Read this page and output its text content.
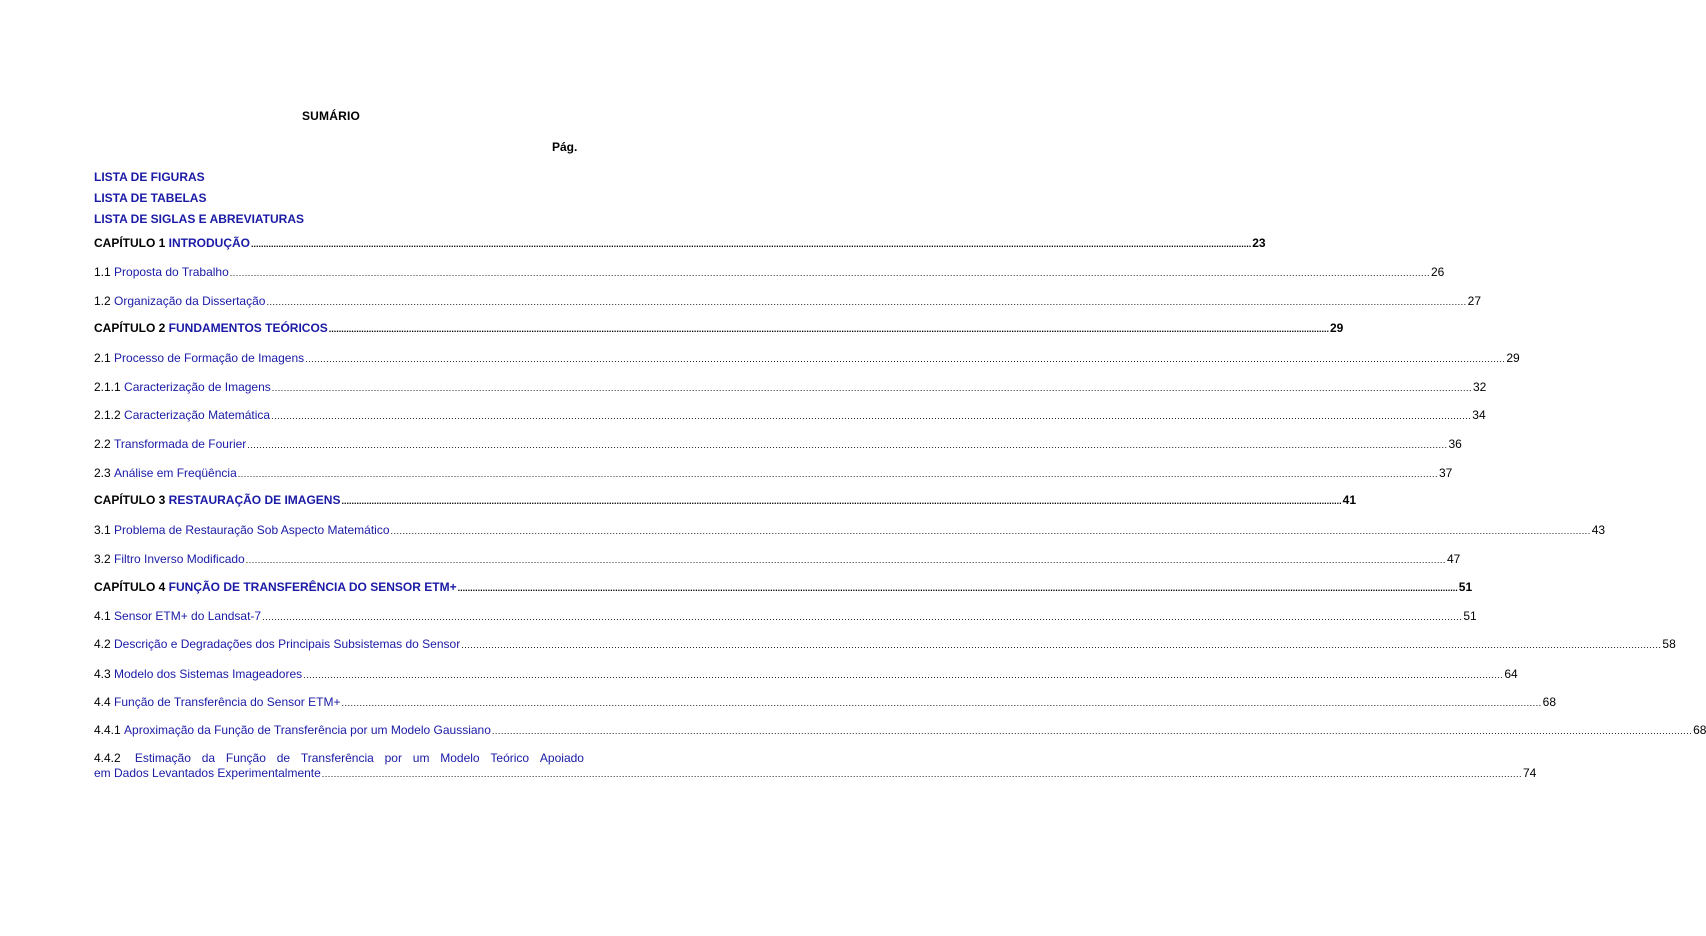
SUMÁRIO
Pág.
LISTA DE FIGURAS
LISTA DE TABELAS
LISTA DE SIGLAS E ABREVIATURAS
CAPÍTULO 1 INTRODUÇÃO ................................................................................................................................................................................................................................................................................................................................................................................................................ 23
1.1 Proposta do Trabalho ................................................................................................................................................................................................................................................................................................................................................................................................................ 26
1.2 Organização da Dissertação ................................................................................................................................................................................................................................................................................................................................................................................................................ 27
CAPÍTULO 2 FUNDAMENTOS TEÓRICOS ................................................................................................................................................................................................................................................................................................................................................................................................................ 29
2.1 Processo de Formação de Imagens ................................................................................................................................................................................................................................................................................................................................................................................................................ 29
2.1.1 Caracterização de Imagens ................................................................................................................................................................................................................................................................................................................................................................................................................ 32
2.1.2 Caracterização Matemática ................................................................................................................................................................................................................................................................................................................................................................................................................ 34
2.2 Transformada de Fourier ................................................................................................................................................................................................................................................................................................................................................................................................................ 36
2.3 Análise em Freqüência ................................................................................................................................................................................................................................................................................................................................................................................................................ 37
CAPÍTULO 3 RESTAURAÇÃO DE IMAGENS ................................................................................................................................................................................................................................................................................................................................................................................................................ 41
3.1 Problema de Restauração Sob Aspecto Matemático ................................................................................................................................................................................................................................................................................................................................................................................................................ 43
3.2 Filtro Inverso Modificado ................................................................................................................................................................................................................................................................................................................................................................................................................ 47
CAPÍTULO 4 FUNÇÃO DE TRANSFERÊNCIA DO SENSOR ETM+ ................................................................................................................................................................................................................................................................................................................................................................................................................ 51
4.1 Sensor ETM+ do Landsat-7 ................................................................................................................................................................................................................................................................................................................................................................................................................ 51
4.2 Descrição e Degradações dos Principais Subsistemas do Sensor ................................................................................................................................................................................................................................................................................................................................................................................................................ 58
4.3 Modelo dos Sistemas Imageadores ................................................................................................................................................................................................................................................................................................................................................................................................................ 64
4.4 Função de Transferência do Sensor ETM+ ................................................................................................................................................................................................................................................................................................................................................................................................................ 68
4.4.1 Aproximação da Função de Transferência por um Modelo Gaussiano ................................................................................................................................................................................................................................................................................................................................................................................................................ 68
4.4.2 Estimação da Função de Transferência por um Modelo Teórico Apoiado
em Dados Levantados Experimentalmente ................................................................................................................................................................................................................................................................................................................................................................................................................ 74
